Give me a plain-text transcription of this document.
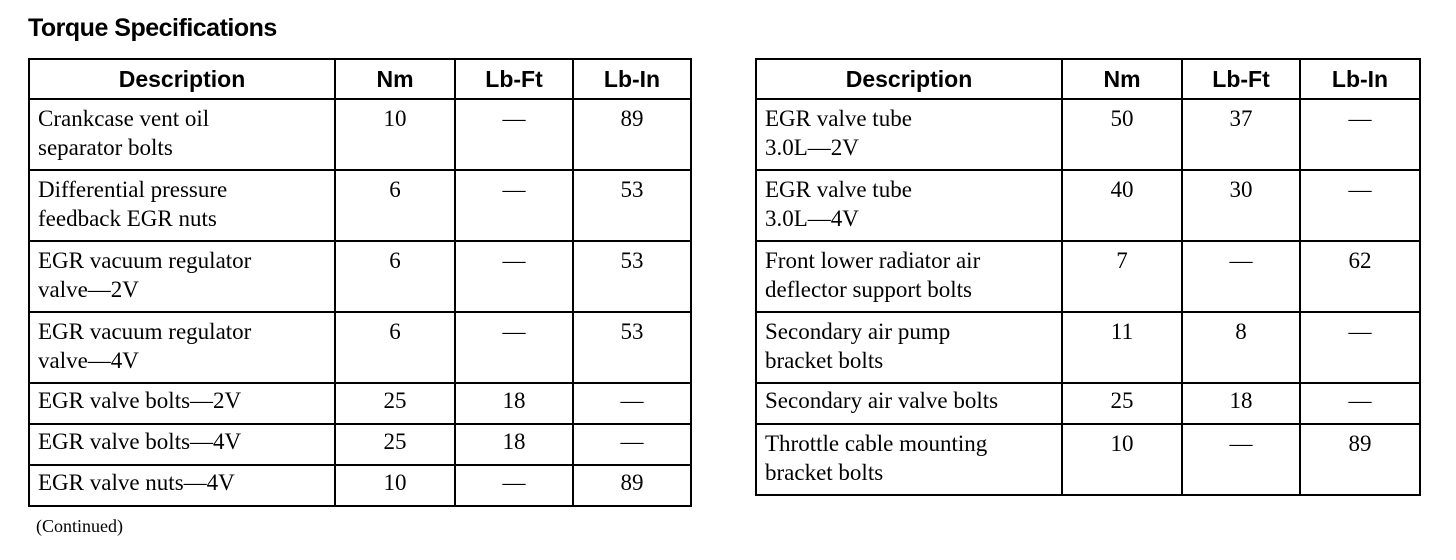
Torque Specifications
Description	Nm	Lb-Ft	Lb-In
Crankcase vent oil
separator bolts	10	—	89
Differential pressure
feedback EGR nuts	6	—	53
EGR vacuum regulator
valve—2V	6	—	53
EGR vacuum regulator
valve—4V	6	—	53
EGR valve bolts—2V	25	18	—
EGR valve bolts—4V	25	18	—
EGR valve nuts—4V	10	—	89
Description	Nm	Lb-Ft	Lb-In
EGR valve tube
3.0L—2V	50	37	—
EGR valve tube
3.0L—4V	40	30	—
Front lower radiator air
deflector support bolts	7	—	62
Secondary air pump
bracket bolts	11	8	—
Secondary air valve bolts	25	18	—
Throttle cable mounting
bracket bolts	10	—	89
(Continued)
